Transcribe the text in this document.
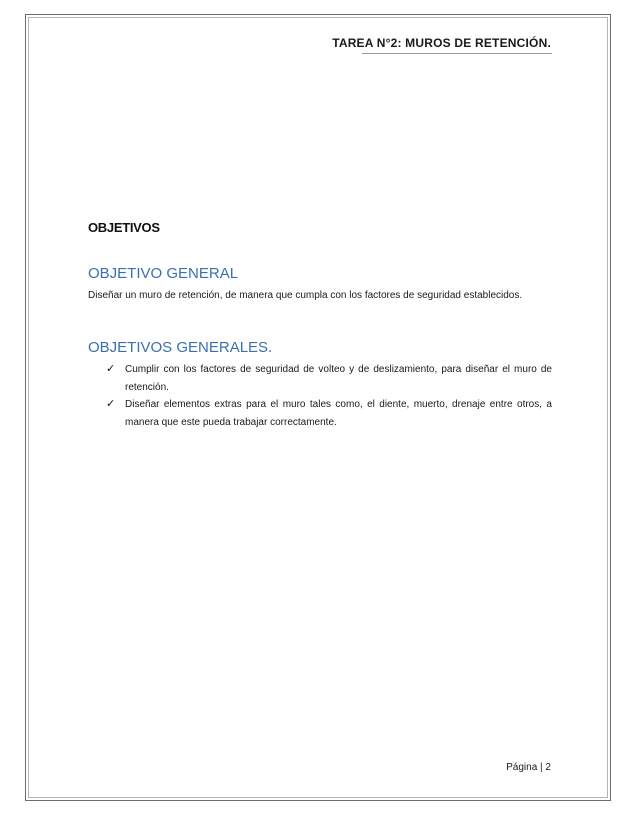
TAREA N°2: MUROS DE RETENCIÓN.
OBJETIVOS
OBJETIVO GENERAL
Diseñar un muro de retención, de manera que cumpla con los factores de seguridad establecidos.
OBJETIVOS GENERALES.
✓ Cumplir con los factores de seguridad de volteo y de deslizamiento, para diseñar el muro de retención.
✓ Diseñar elementos extras para el muro tales como, el diente, muerto, drenaje entre otros, a manera que este pueda trabajar correctamente.
Página | 2
